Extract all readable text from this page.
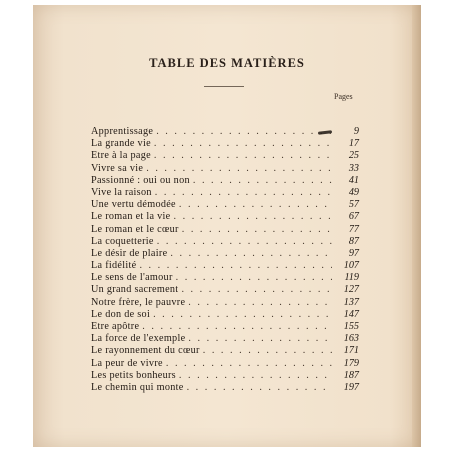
TABLE DES MATIÈRES
Pages
Apprentissage . . .	9
La grande vie . . .	17
Etre à la page . . .	25
Vivre sa vie . . .	33
Passionné : oui ou non . . .	41
Vive la raison . . .	49
Une vertu démodée . . .	57
Le roman et la vie . . .	67
Le roman et le cœur . . .	77
La coquetterie . . .	87
Le désir de plaire . . .	97
La fidélité . . .	107
Le sens de l'amour . . .	119
Un grand sacrement . . .	127
Notre frère, le pauvre . . .	137
Le don de soi . . .	147
Etre apôtre . . .	155
La force de l'exemple . . .	163
Le rayonnement du cœur . . .	171
La peur de vivre . . .	179
Les petits bonheurs . . .	187
Le chemin qui monte . . .	197
